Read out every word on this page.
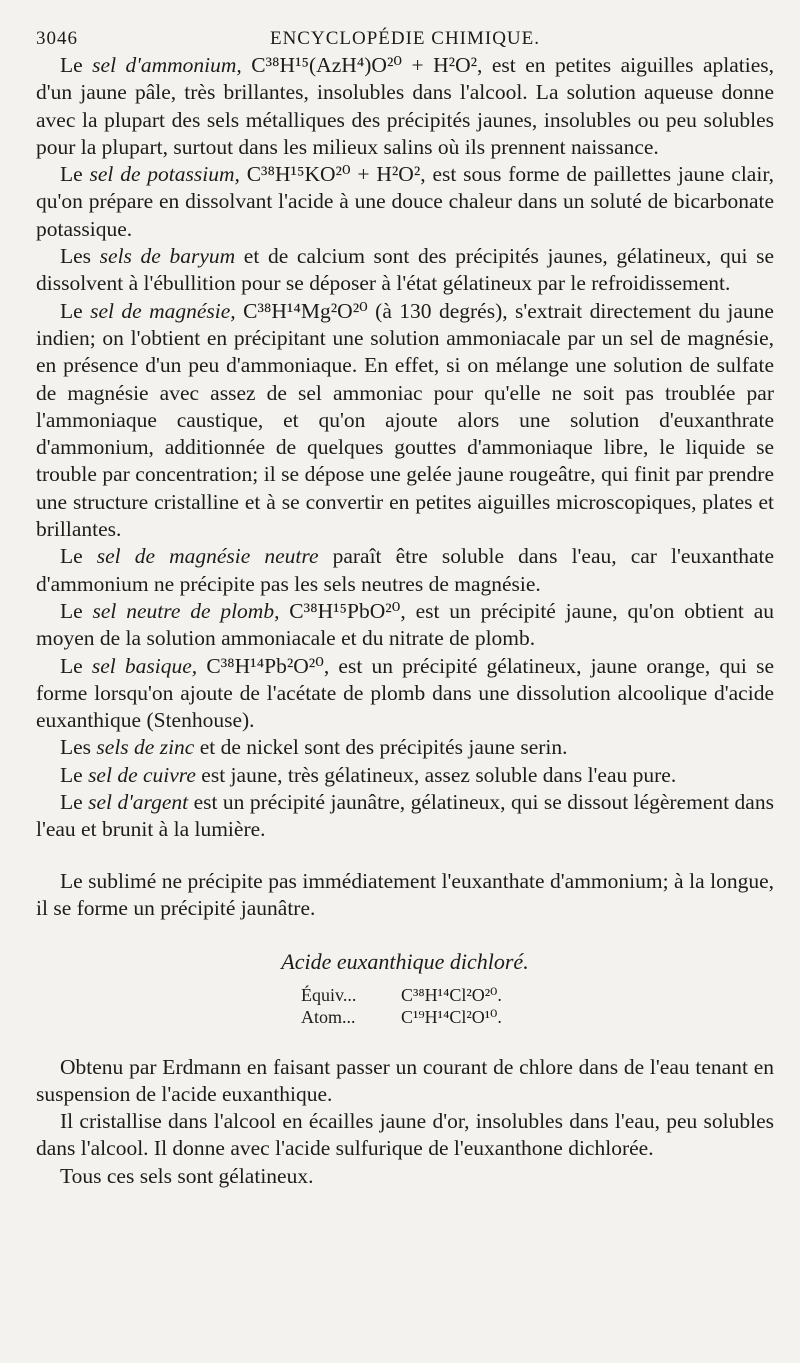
3046	ENCYCLOPÉDIE CHIMIQUE.

Le sel d'ammonium, C³⁸H¹⁵(AzH⁴)O²⁰ + H²O², est en petites aiguilles aplaties, d'un jaune pâle, très brillantes, insolubles dans l'alcool. La solution aqueuse donne avec la plupart des sels métalliques des précipités jaunes, insolubles ou peu solubles pour la plupart, surtout dans les milieux salins où ils prennent naissance.

Le sel de potassium, C³⁸H¹⁵KO²⁰ + H²O², est sous forme de paillettes jaune clair, qu'on prépare en dissolvant l'acide à une douce chaleur dans un soluté de bicarbonate potassique.

Les sels de baryum et de calcium sont des précipités jaunes, gélatineux, qui se dissolvent à l'ébullition pour se déposer à l'état gélatineux par le refroidissement.

Le sel de magnésie, C³⁸H¹⁴Mg²O²⁰ (à 130 degrés), s'extrait directement du jaune indien; on l'obtient en précipitant une solution ammoniacale par un sel de magnésie, en présence d'un peu d'ammoniaque. En effet, si on mélange une solution de sulfate de magnésie avec assez de sel ammoniac pour qu'elle ne soit pas troublée par l'ammoniaque caustique, et qu'on ajoute alors une solution d'euxanthrate d'ammonium, additionnée de quelques gouttes d'ammoniaque libre, le liquide se trouble par concentration; il se dépose une gelée jaune rougeâtre, qui finit par prendre une structure cristalline et à se convertir en petites aiguilles microscopiques, plates et brillantes.

Le sel de magnésie neutre paraît être soluble dans l'eau, car l'euxanthate d'ammonium ne précipite pas les sels neutres de magnésie.

Le sel neutre de plomb, C³⁸H¹⁵PbO²⁰, est un précipité jaune, qu'on obtient au moyen de la solution ammoniacale et du nitrate de plomb.

Le sel basique, C³⁸H¹⁴Pb²O²⁰, est un précipité gélatineux, jaune orange, qui se forme lorsqu'on ajoute de l'acétate de plomb dans une dissolution alcoolique d'acide euxanthique (Stenhouse).

Les sels de zinc et de nickel sont des précipités jaune serin.

Le sel de cuivre est jaune, très gélatineux, assez soluble dans l'eau pure.

Le sel d'argent est un précipité jaunâtre, gélatineux, qui se dissout légèrement dans l'eau et brunit à la lumière.

Le sublimé ne précipite pas immédiatement l'euxanthate d'ammonium; à la longue, il se forme un précipité jaunâtre.

Acide euxanthique dichloré.
Équiv...	C³⁸H¹⁴Cl²O²⁰.
Atom...	C¹⁹H¹⁴Cl²O¹⁰.

Obtenu par Erdmann en faisant passer un courant de chlore dans de l'eau tenant en suspension de l'acide euxanthique.

Il cristallise dans l'alcool en écailles jaune d'or, insolubles dans l'eau, peu solubles dans l'alcool. Il donne avec l'acide sulfurique de l'euxanthone dichlorée.

Tous ces sels sont gélatineux.
